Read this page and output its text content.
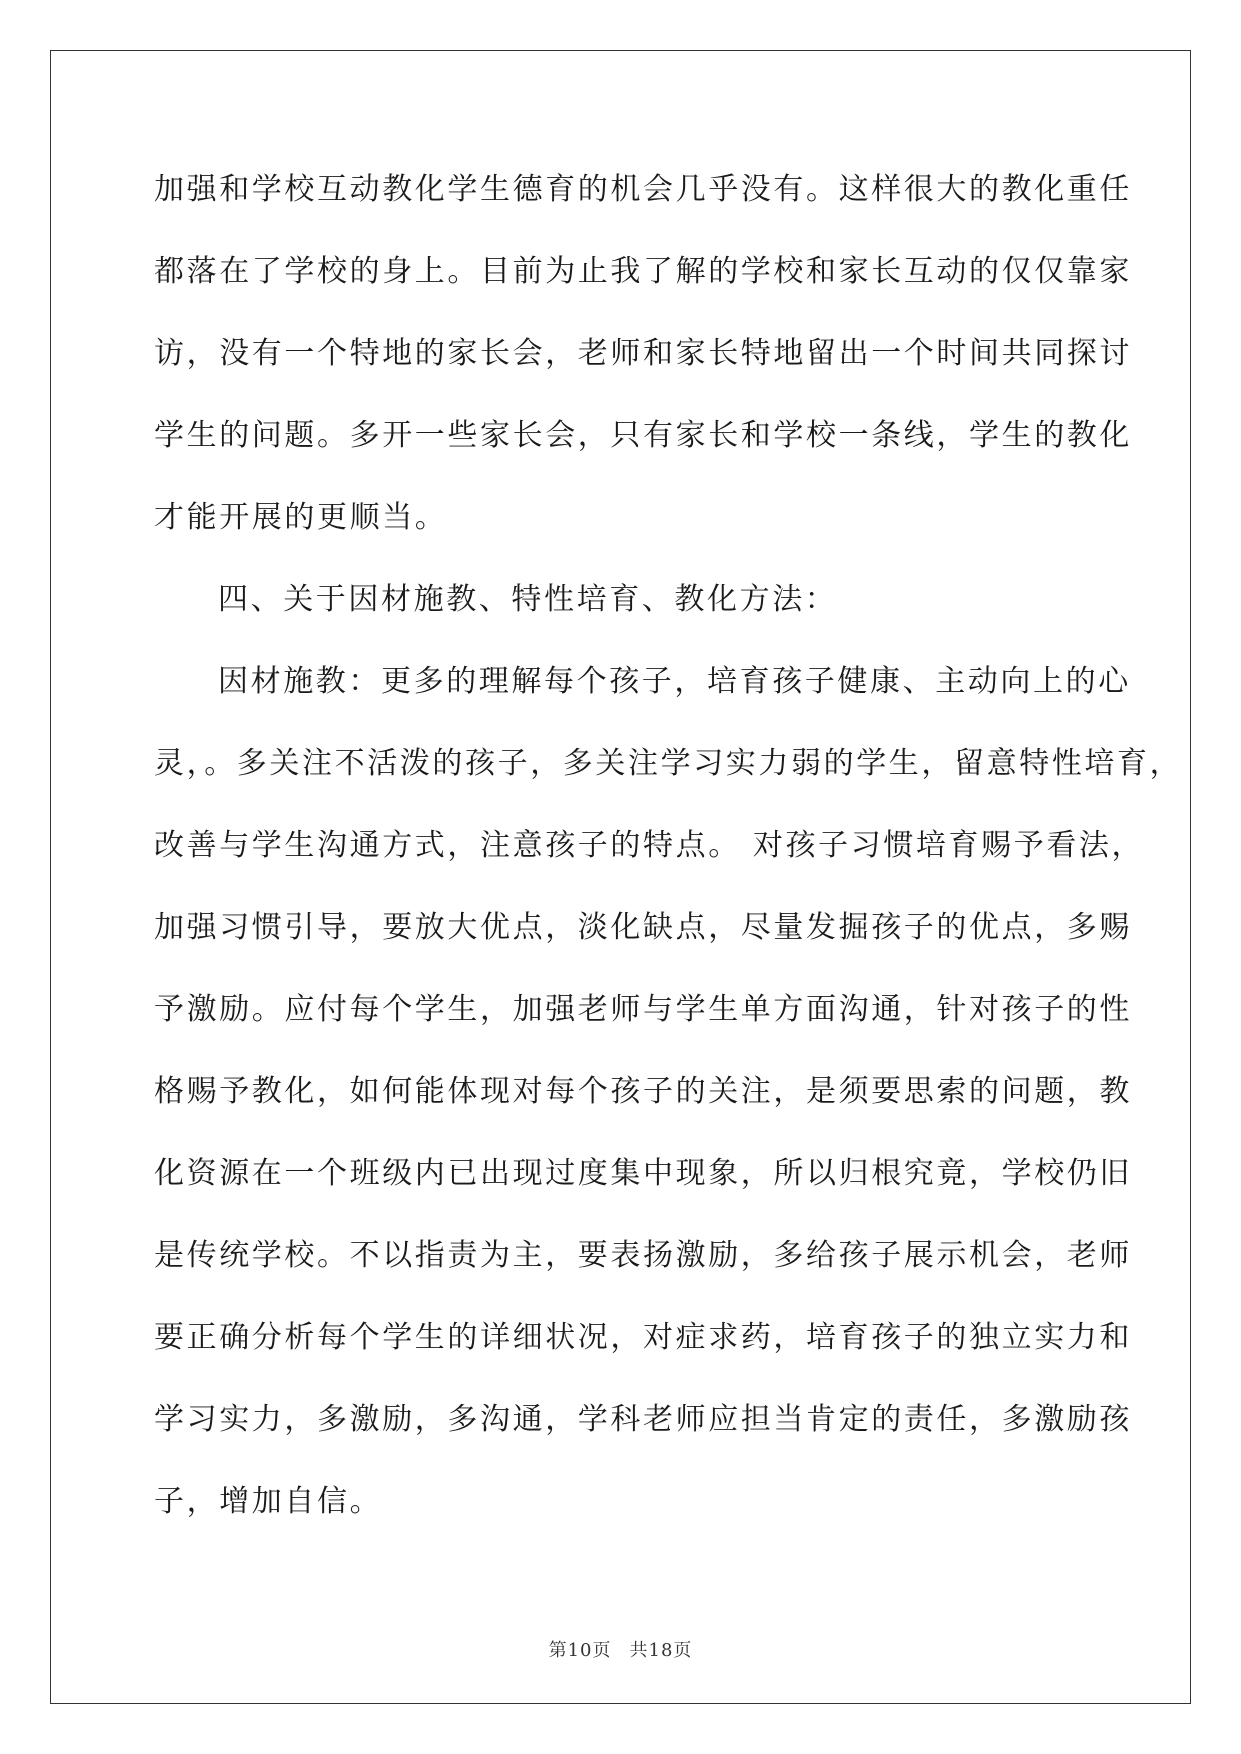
加强和学校互动教化学生德育的机会几乎没有。这样很大的教化重任
都落在了学校的身上。目前为止我了解的学校和家长互动的仅仅靠家
访，没有一个特地的家长会，老师和家长特地留出一个时间共同探讨
学生的问题。多开一些家长会，只有家长和学校一条线，学生的教化
才能开展的更顺当。
四、关于因材施教、特性培育、教化方法：
因材施教：更多的理解每个孩子，培育孩子健康、主动向上的心
灵，。多关注不活泼的孩子，多关注学习实力弱的学生，留意特性培育，
改善与学生沟通方式，注意孩子的特点。 对孩子习惯培育赐予看法，
加强习惯引导，要放大优点，淡化缺点，尽量发掘孩子的优点，多赐
予激励。应付每个学生，加强老师与学生单方面沟通，针对孩子的性
格赐予教化，如何能体现对每个孩子的关注，是须要思索的问题，教
化资源在一个班级内已出现过度集中现象，所以归根究竟，学校仍旧
是传统学校。不以指责为主，要表扬激励，多给孩子展示机会，老师
要正确分析每个学生的详细状况，对症求药，培育孩子的独立实力和
学习实力，多激励，多沟通，学科老师应担当肯定的责任，多激励孩
子，增加自信。
第10页 共18页
